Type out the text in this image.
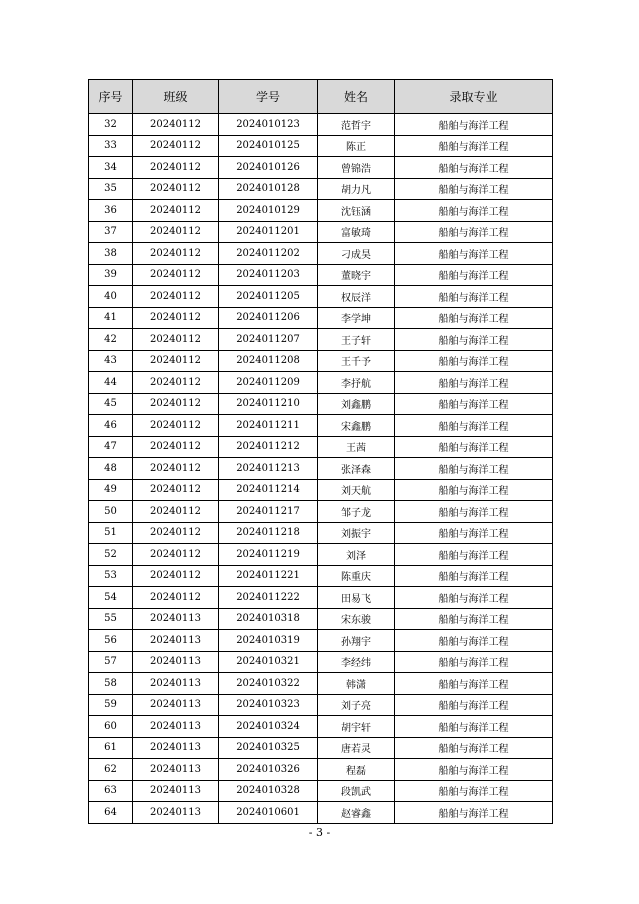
序号	班级	学号	姓名	录取专业
32	20240112	2024010123	范哲宇	船舶与海洋工程
33	20240112	2024010125	陈正	船舶与海洋工程
34	20240112	2024010126	曾锦浩	船舶与海洋工程
35	20240112	2024010128	胡力凡	船舶与海洋工程
36	20240112	2024010129	沈钰涵	船舶与海洋工程
37	20240112	2024011201	富敏琦	船舶与海洋工程
38	20240112	2024011202	刁成昊	船舶与海洋工程
39	20240112	2024011203	董晓宇	船舶与海洋工程
40	20240112	2024011205	权辰洋	船舶与海洋工程
41	20240112	2024011206	李学坤	船舶与海洋工程
42	20240112	2024011207	王子轩	船舶与海洋工程
43	20240112	2024011208	王千予	船舶与海洋工程
44	20240112	2024011209	李抒航	船舶与海洋工程
45	20240112	2024011210	刘鑫鹏	船舶与海洋工程
46	20240112	2024011211	宋鑫鹏	船舶与海洋工程
47	20240112	2024011212	王茜	船舶与海洋工程
48	20240112	2024011213	张泽森	船舶与海洋工程
49	20240112	2024011214	刘天航	船舶与海洋工程
50	20240112	2024011217	邹子龙	船舶与海洋工程
51	20240112	2024011218	刘振宇	船舶与海洋工程
52	20240112	2024011219	刘泽	船舶与海洋工程
53	20240112	2024011221	陈重庆	船舶与海洋工程
54	20240112	2024011222	田易飞	船舶与海洋工程
55	20240113	2024010318	宋东骏	船舶与海洋工程
56	20240113	2024010319	孙翔宇	船舶与海洋工程
57	20240113	2024010321	李经纬	船舶与海洋工程
58	20240113	2024010322	韩潇	船舶与海洋工程
59	20240113	2024010323	刘子亮	船舶与海洋工程
60	20240113	2024010324	胡宇轩	船舶与海洋工程
61	20240113	2024010325	唐若灵	船舶与海洋工程
62	20240113	2024010326	程磊	船舶与海洋工程
63	20240113	2024010328	段凯武	船舶与海洋工程
64	20240113	2024010601	赵睿鑫	船舶与海洋工程
- 3 -
